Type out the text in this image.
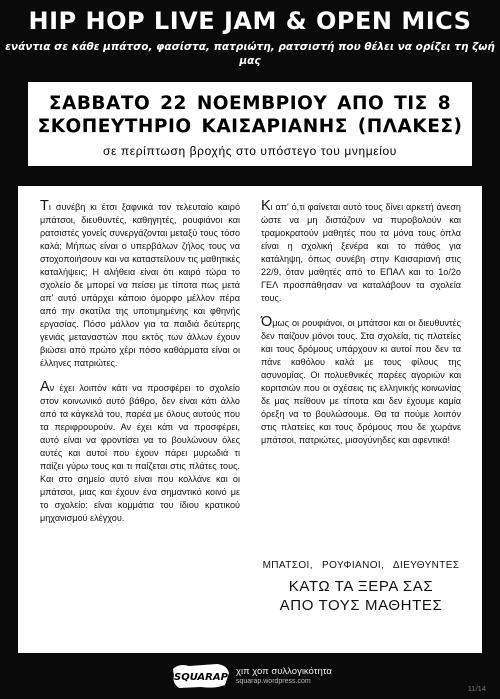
HIP HOP LIVE JAM & OPEN MICS

ενάντια σε κάθε μπάτσο, φασίστα, πατριώτη, ρατσιστή που θέλει να ορίζει τη ζωή μας

ΣΑΒΒΑΤΟ 22 ΝΟΕΜΒΡΙΟΥ ΑΠΟ ΤΙΣ 8

ΣΚΟΠΕΥΤΗΡΙΟ ΚΑΙΣΑΡΙΑΝΗΣ (ΠΛΑΚΕΣ)

σε περίπτωση βροχής στο υπόστεγο του μνημείου

Τι συνέβη κι έτσι ξαφνικά τον τελευταίο καιρό μπάτσοι, διευθυντές, καθηγητές, ρουφιάνοι και ρατσιστές γονείς συνεργάζονται μεταξύ τους τόσο καλά; Μήπως είναι ο υπερβάλων ζήλος τους να στοχοποιήσουν και να καταστείλουν τις μαθητικές καταλήψεις; Η αλήθεια είναι ότι καιρό τώρα το σχολείο δε μπορεί να πείσει με τίποτα πως μετά απ' αυτό υπάρχει κάποιο όμορφο μέλλον πέρα από την σκατίλα της υποτιμημένης και φθηνής εργασίας. Πόσο μάλλον για τα παιδιά δεύτερης γενιάς μεταναστών που εκτός των άλλων έχουν βιώσει από πρώτο χέρι πόσο καθάρματα είναι οι έλληνες πατριώτες.

Αν έχει λοιπόν κάτι να προσφέρει το σχολείο στον κοινωνικό αυτό βάθρο, δεν είναι κάτι άλλο από τα κάγκελά του, παρέα με όλους αυτούς που τα περιφρουρούν. Αν έχει κάτι να προσφέρει, αυτό είναι να φροντίσει να το βουλώνουν όλες αυτές και αυτοί που έχουν πάρει μυρωδιά τι παίζει γύρω τους και τι παίζεται στις πλάτες τους. Και στο σημείο αυτό είναι που κολλάνε και οι μπάτσοι, μιας και έχουν ένα σημαντικό κοινό με το σχολείο: είναι κομμάτια του ίδιου κρατικού μηχανισμού ελέγχου.

Κι απ' ό,τι φαίνεται αυτό τους δίνει αρκετή άνεση ώστε να μη διστάζουν να πυροβολούν και τραμοκρατούν μαθητές που τα μόνα τους όπλα είναι η σχολική ξενέρα και το πάθος για κατάληψη, όπως συνέβη στην Καισαριανή στις 22/9, όταν μαθητές από το ΕΠΑΛ και το 1ο/2ο ΓΕΛ προσπάθησαν να καταλάβουν τα σχολεία τους.

Όμως οι ρουφιάνοι, οι μπάτσοι και οι διευθυντές δεν παίζουν μόνοι τους. Στα σχολεία, τις πλατείες και τους δρόμους υπάρχουν κι αυτοί που δεν τα πάνε καθόλου καλά με τους φίλους της ασυνομίας. Οι πολυεθνικές παρέες αγοριών και κοριτσιών που οι σχέσεις τις ελληνικής κοινωνίας δε μας πείθουν με τίποτα και δεν έχουμε καμία όρεξη να το βουλώσουμε. Θα τα πούμε λοιπόν στις πλατείες και τους δρόμους που δε χωράνε μπάτσοι, πατριώτες, μισογύνηδες και αφεντικά!

ΜΠΑΤΣΟΙ, ΡΟΥΦΙΑΝΟΙ, ΔΙΕΥΘΥΝΤΕΣ

ΚΑΤΩ ΤΑ ΞΕΡΑ ΣΑΣ

ΑΠΟ ΤΟΥΣ ΜΑΘΗΤΕΣ

SQUARAP
χιπ χοπ συλλογικότητα
squarap.wordpress.com
11/14
